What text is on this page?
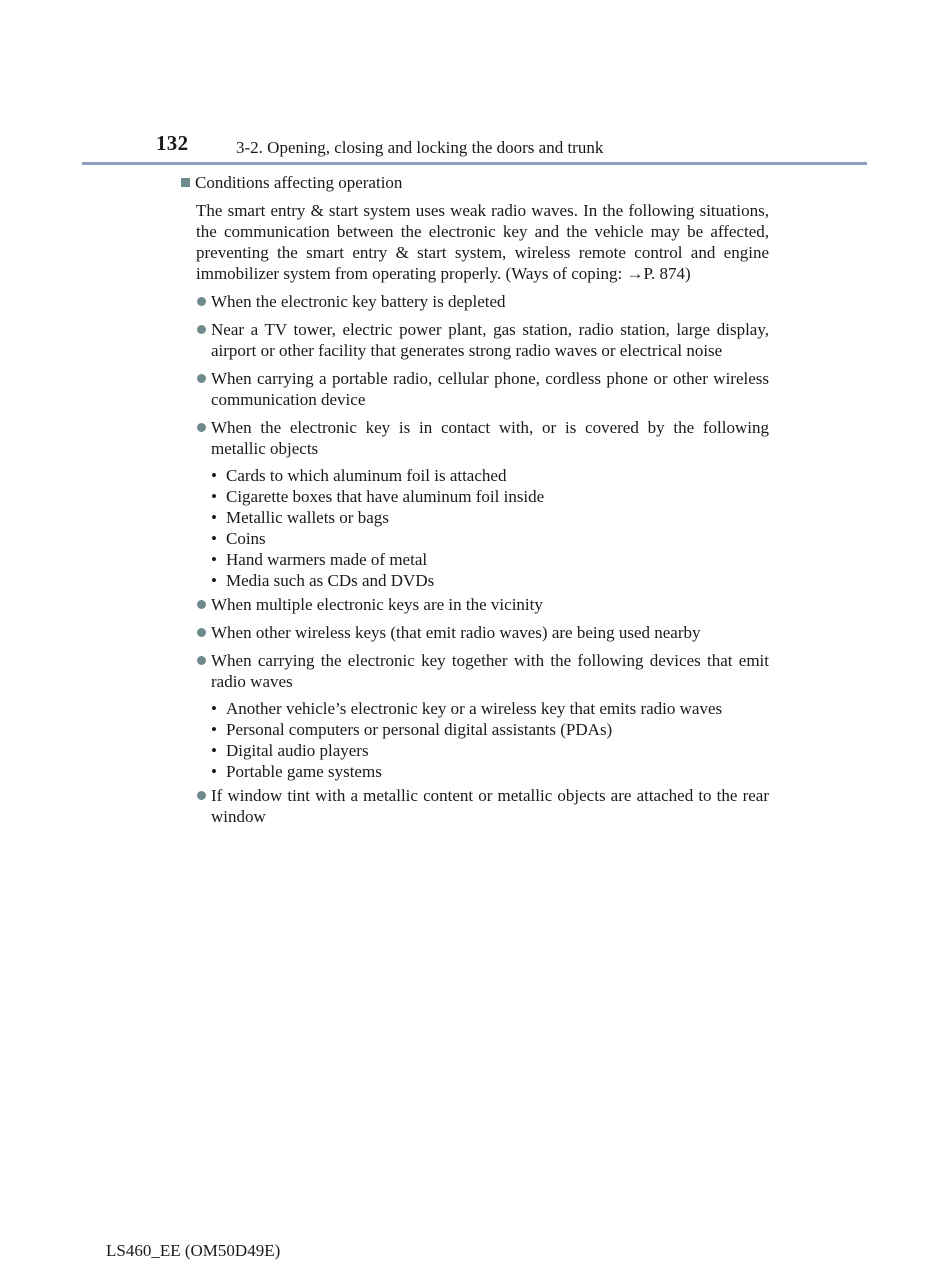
132	3-2. Opening, closing and locking the doors and trunk
Conditions affecting operation
The smart entry & start system uses weak radio waves. In the following situations, the communication between the electronic key and the vehicle may be affected, preventing the smart entry & start system, wireless remote control and engine immobilizer system from operating properly. (Ways of coping: →P. 874)
When the electronic key battery is depleted
Near a TV tower, electric power plant, gas station, radio station, large display, airport or other facility that generates strong radio waves or electrical noise
When carrying a portable radio, cellular phone, cordless phone or other wireless communication device
When the electronic key is in contact with, or is covered by the following metallic objects
• Cards to which aluminum foil is attached
• Cigarette boxes that have aluminum foil inside
• Metallic wallets or bags
• Coins
• Hand warmers made of metal
• Media such as CDs and DVDs
When multiple electronic keys are in the vicinity
When other wireless keys (that emit radio waves) are being used nearby
When carrying the electronic key together with the following devices that emit radio waves
• Another vehicle’s electronic key or a wireless key that emits radio waves
• Personal computers or personal digital assistants (PDAs)
• Digital audio players
• Portable game systems
If window tint with a metallic content or metallic objects are attached to the rear window
LS460_EE (OM50D49E)
